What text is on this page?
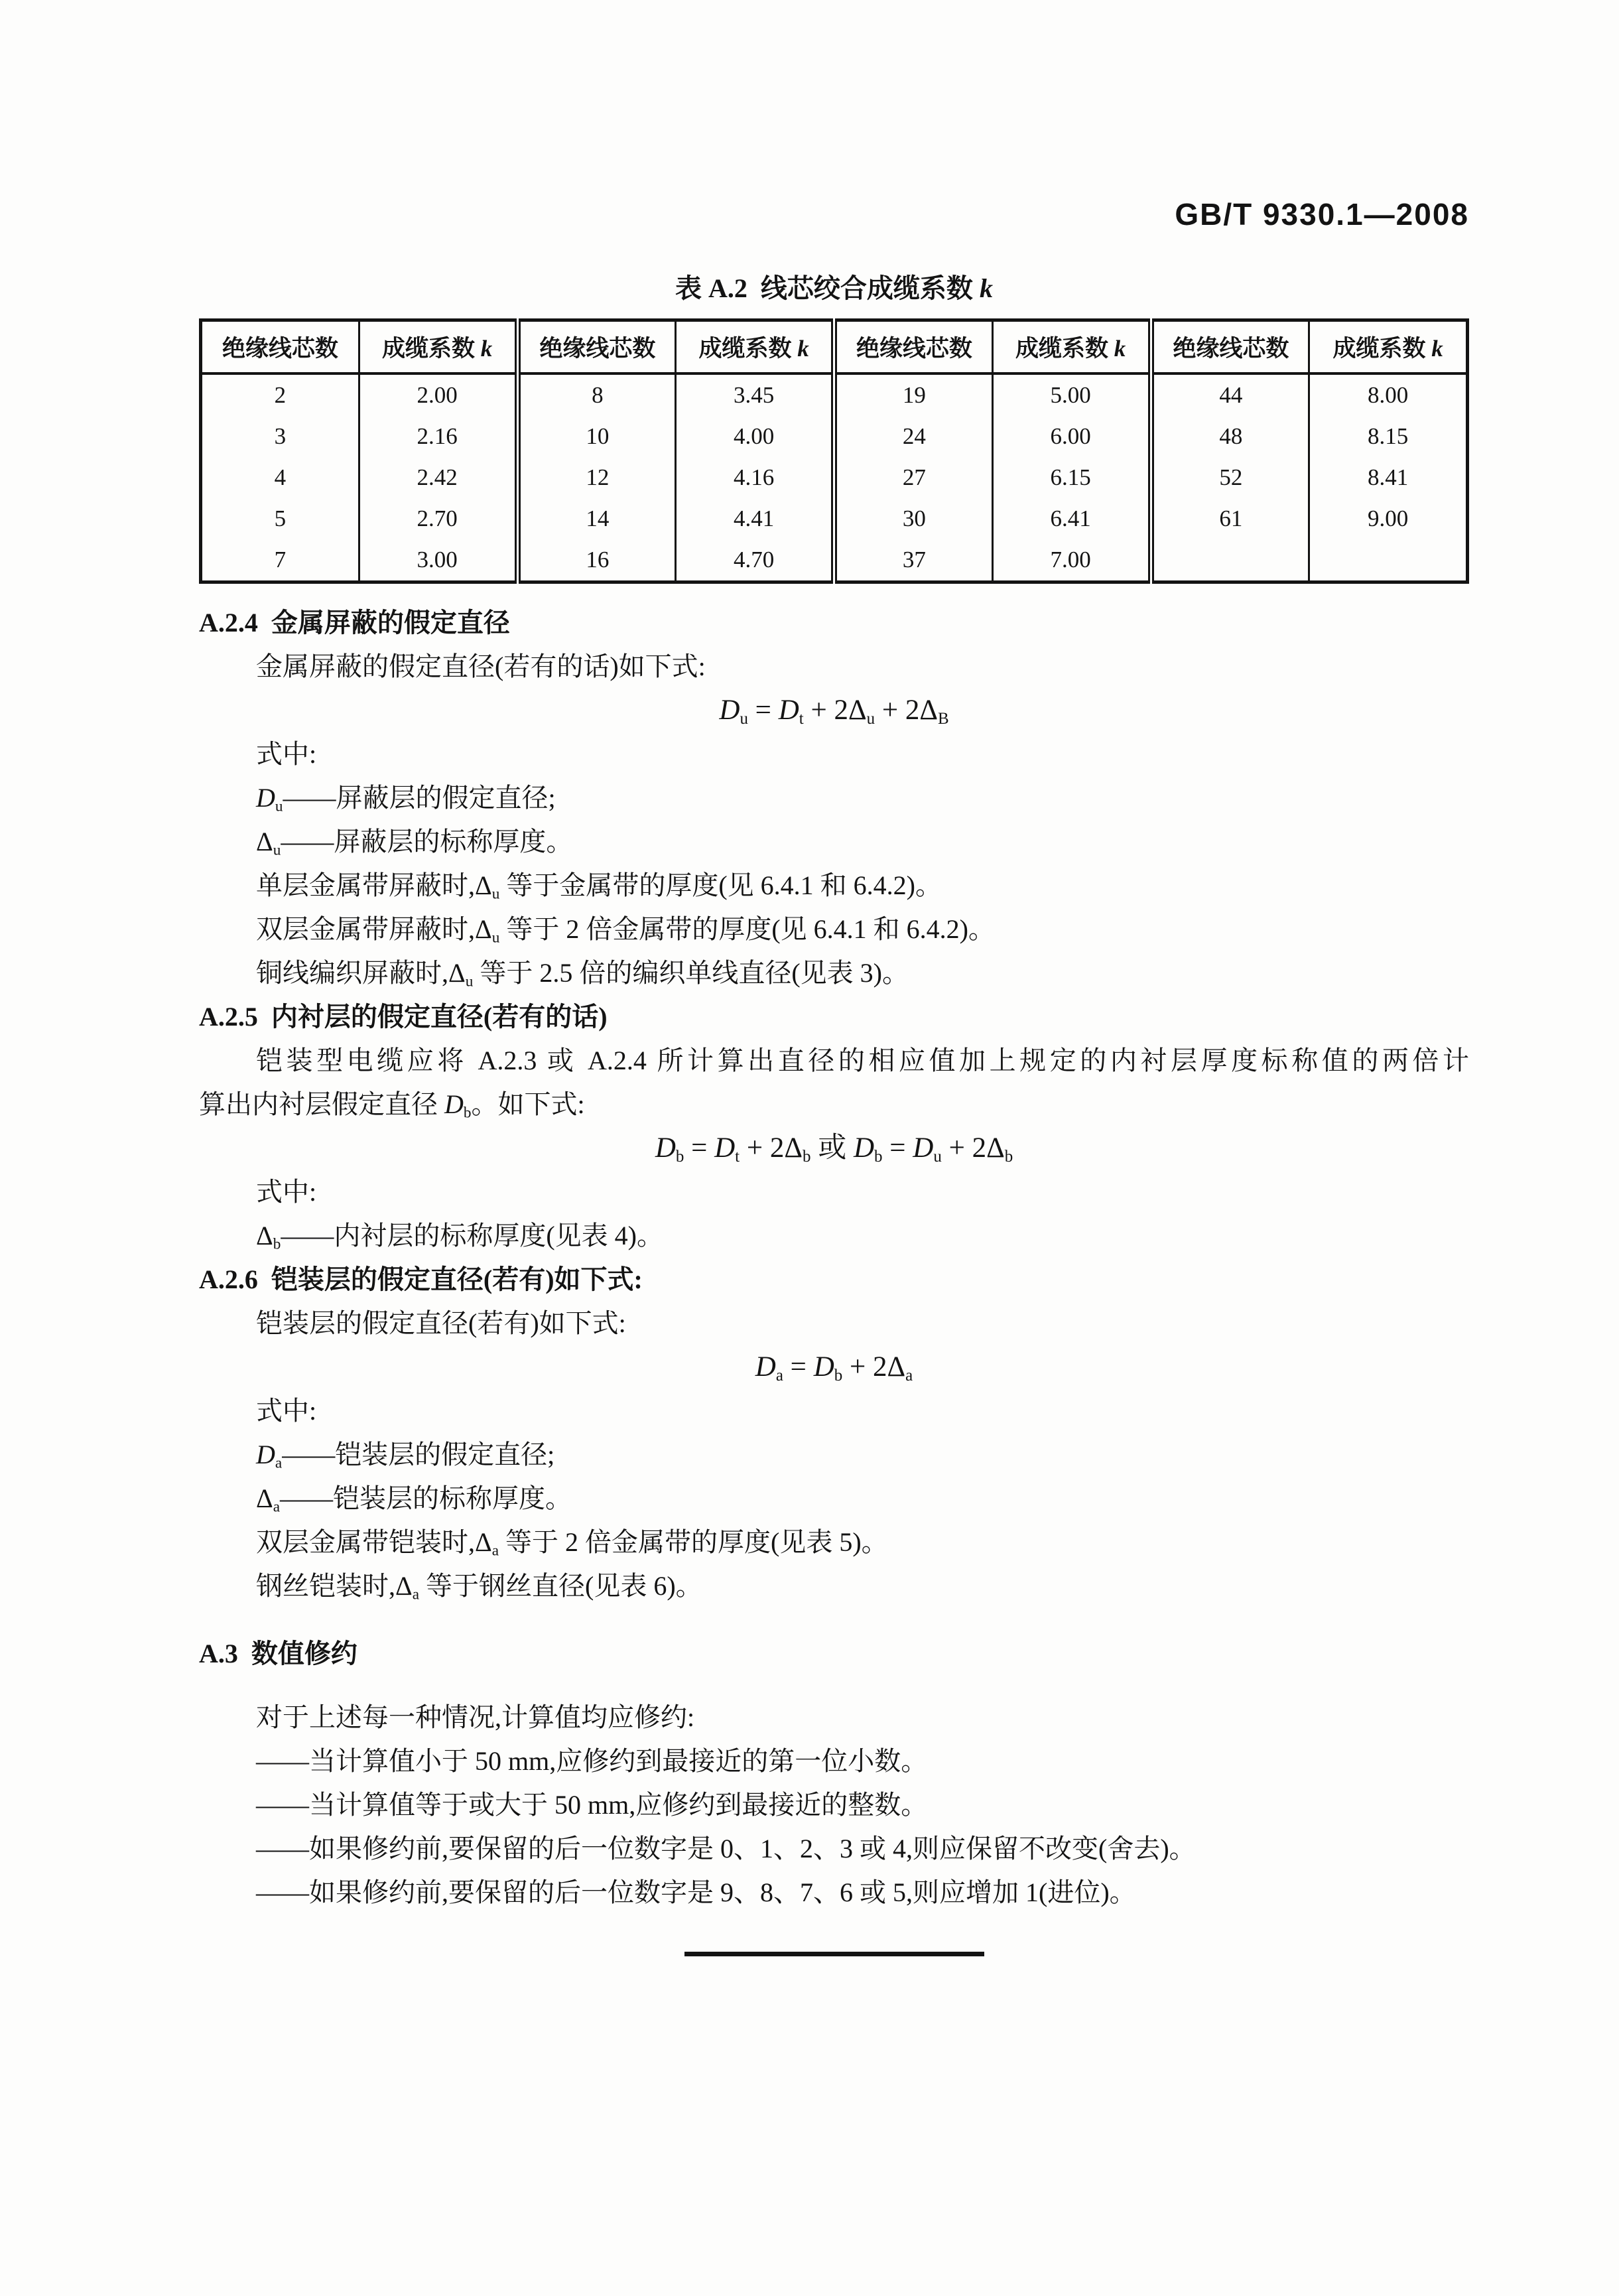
GB/T 9330.1—2008
表 A.2  线芯绞合成缆系数 k
绝缘线芯数	成缆系数 k	绝缘线芯数	成缆系数 k	绝缘线芯数	成缆系数 k	绝缘线芯数	成缆系数 k
2	2.00	8	3.45	19	5.00	44	8.00
3	2.16	10	4.00	24	6.00	48	8.15
4	2.42	12	4.16	27	6.15	52	8.41
5	2.70	14	4.41	30	6.41	61	9.00
7	3.00	16	4.70	37	7.00		
A.2.4  金属屏蔽的假定直径
金属屏蔽的假定直径(若有的话)如下式:
$D_u = D_t + 2\Delta_u + 2\Delta_B$
式中:
$D_u——$屏蔽层的假定直径;
$\Delta_u——$屏蔽层的标称厚度。
单层金属带屏蔽时$,\Delta_u$ 等于金属带的厚度(见 6.4.1 和 6.4.2)。
双层金属带屏蔽时$,\Delta_u$ 等于 2 倍金属带的厚度(见 6.4.1 和 6.4.2)。
铜线编织屏蔽时$,\Delta_u$ 等于 2.5 倍的编织单线直径(见表 3)。
A.2.5  内衬层的假定直径(若有的话)
铠装型电缆应将 A.2.3 或 A.2.4 所计算出直径的相应值加上规定的内衬层厚度标称值的两倍计
算出内衬层假定直径 $D_b$。如下式:
$D_b = D_t + 2\Delta_b$ 或 $D_b = D_u + 2\Delta_b$
式中:
$\Delta_b——$内衬层的标称厚度(见表 4)。
A.2.6  铠装层的假定直径(若有)如下式:
铠装层的假定直径(若有)如下式:
$D_a = D_b + 2\Delta_a$
式中:
$D_a——$铠装层的假定直径;
$\Delta_a——$铠装层的标称厚度。
双层金属带铠装时$,\Delta_a$ 等于 2 倍金属带的厚度(见表 5)。
钢丝铠装时$,\Delta_a$ 等于钢丝直径(见表 6)。
A.3  数值修约
对于上述每一种情况,计算值均应修约:
——当计算值小于 50 mm,应修约到最接近的第一位小数。
——当计算值等于或大于 50 mm,应修约到最接近的整数。
——如果修约前,要保留的后一位数字是 0、1、2、3 或 4,则应保留不改变(舍去)。
——如果修约前,要保留的后一位数字是 9、8、7、6 或 5,则应增加 1(进位)。
